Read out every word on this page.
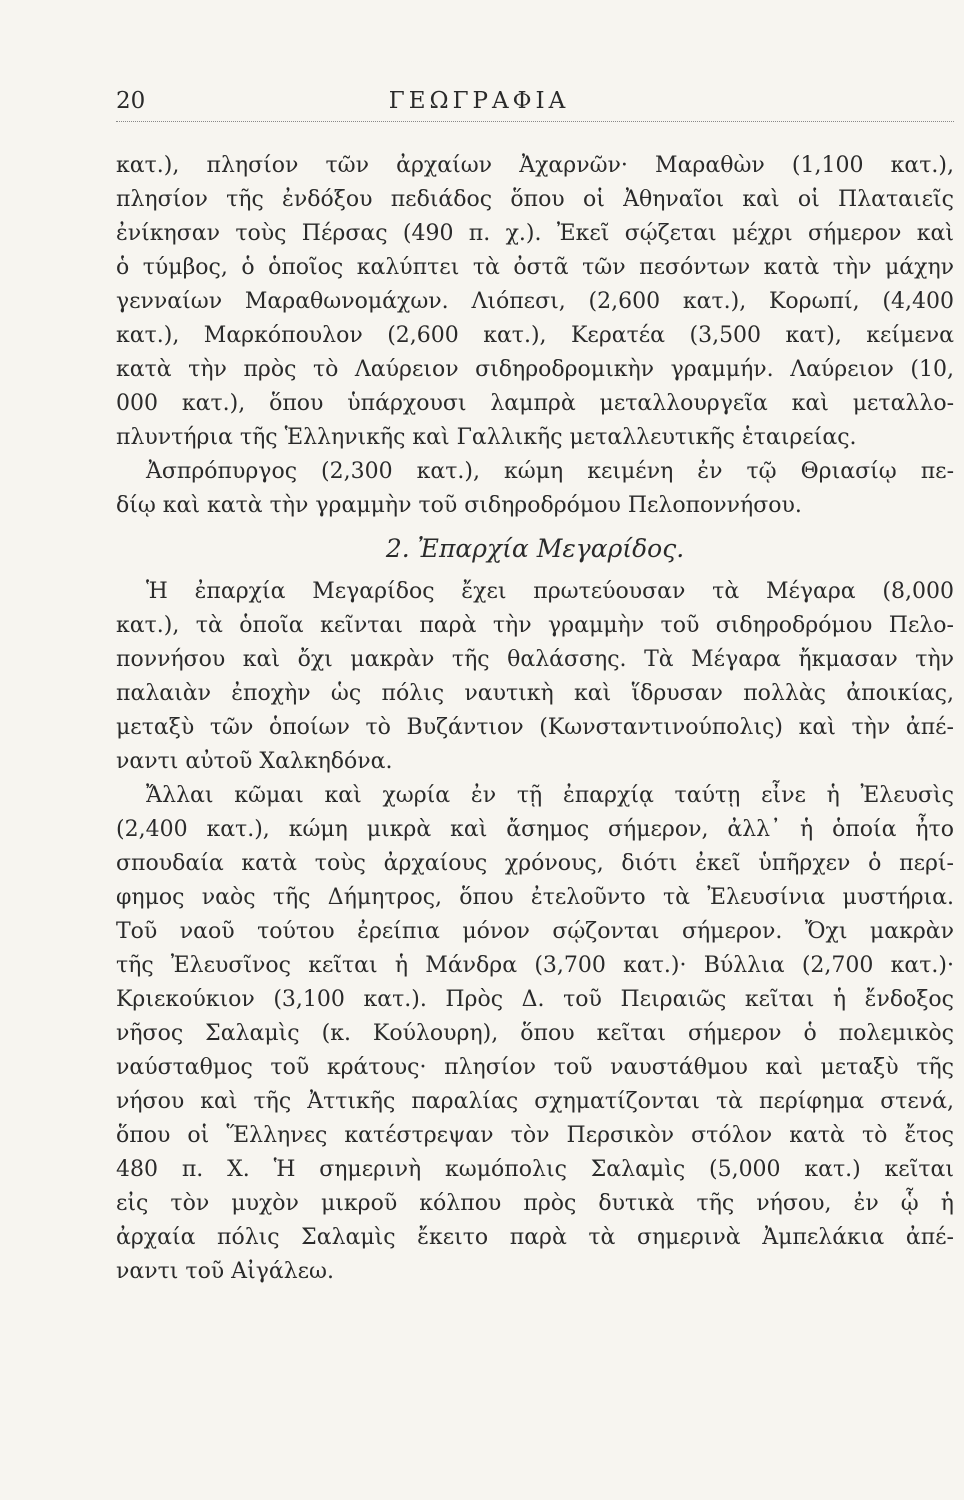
20	ΓΕΩΓΡΑΦΙΑ

κατ.), πλησίον τῶν ἀρχαίων Ἀχαρνῶν· Μαραθὼν (1,100 κατ.),
πλησίον τῆς ἐνδόξου πεδιάδος ὅπου οἱ Ἀθηναῖοι καὶ οἱ Πλαταιεῖς
ἐνίκησαν τοὺς Πέρσας (490 π. χ.). Ἐκεῖ σῴζεται μέχρι σήμερον καὶ
ὁ τύμβος, ὁ ὁποῖος καλύπτει τὰ ὀστᾶ τῶν πεσόντων κατὰ τὴν μάχην
γενναίων Μαραθωνομάχων. Λιόπεσι, (2,600 κατ.), Κορωπί, (4,400
κατ.), Μαρκόπουλον (2,600 κατ.), Κερατέα (3,500 κατ), κείμενα
κατὰ τὴν πρὸς τὸ Λαύρειον σιδηροδρομικὴν γραμμήν. Λαύρειον (10,
000 κατ.), ὅπου ὑπάρχουσι λαμπρὰ μεταλλουργεῖα καὶ μεταλλο-
πλυντήρια τῆς Ἑλληνικῆς καὶ Γαλλικῆς μεταλλευτικῆς ἑταιρείας.

Ἀσπρόπυργος (2,300 κατ.), κώμη κειμένη ἐν τῷ Θριασίῳ πε-
δίῳ καὶ κατὰ τὴν γραμμὴν τοῦ σιδηροδρόμου Πελοποννήσου.

2. Ἐπαρχία Μεγαρίδος.

Ἡ ἐπαρχία Μεγαρίδος ἔχει πρωτεύουσαν τὰ Μέγαρα (8,000
κατ.), τὰ ὁποῖα κεῖνται παρὰ τὴν γραμμὴν τοῦ σιδηροδρόμου Πελο-
ποννήσου καὶ ὄχι μακρὰν τῆς θαλάσσης. Τὰ Μέγαρα ἤκμασαν τὴν
παλαιὰν ἐποχὴν ὡς πόλις ναυτικὴ καὶ ἵδρυσαν πολλὰς ἀποικίας,
μεταξὺ τῶν ὁποίων τὸ Βυζάντιον (Κωνσταντινούπολις) καὶ τὴν ἀπέ-
ναντι αὐτοῦ Χαλκηδόνα.

Ἄλλαι κῶμαι καὶ χωρία ἐν τῇ ἐπαρχίᾳ ταύτῃ εἶνε ἡ Ἐλευσὶς
(2,400 κατ.), κώμη μικρὰ καὶ ἄσημος σήμερον, ἀλλ᾽ ἡ ὁποία ἦτο
σπουδαία κατὰ τοὺς ἀρχαίους χρόνους, διότι ἐκεῖ ὑπῆρχεν ὁ περί-
φημος ναὸς τῆς Δήμητρος, ὅπου ἐτελοῦντο τὰ Ἐλευσίνια μυστήρια.
Τοῦ ναοῦ τούτου ἐρείπια μόνον σῴζονται σήμερον. Ὄχι μακρὰν
τῆς Ἐλευσῖνος κεῖται ἡ Μάνδρα (3,700 κατ.)· Βύλλια (2,700 κατ.)·
Κριεκούκιον (3,100 κατ.). Πρὸς Δ. τοῦ Πειραιῶς κεῖται ἡ ἔνδοξος
νῆσος Σαλαμὶς (κ. Κούλουρη), ὅπου κεῖται σήμερον ὁ πολεμικὸς
ναύσταθμος τοῦ κράτους· πλησίον τοῦ ναυστάθμου καὶ μεταξὺ τῆς
νήσου καὶ τῆς Ἀττικῆς παραλίας σχηματίζονται τὰ περίφημα στενά,
ὅπου οἱ Ἕλληνες κατέστρεψαν τὸν Περσικὸν στόλον κατὰ τὸ ἔτος
480 π. Χ. Ἡ σημερινὴ κωμόπολις Σαλαμὶς (5,000 κατ.) κεῖται
εἰς τὸν μυχὸν μικροῦ κόλπου πρὸς δυτικὰ τῆς νήσου, ἐν ᾧ ἡ
ἀρχαία πόλις Σαλαμὶς ἔκειτο παρὰ τὰ σημερινὰ Ἀμπελάκια ἀπέ-
ναντι τοῦ Αἰγάλεω.
